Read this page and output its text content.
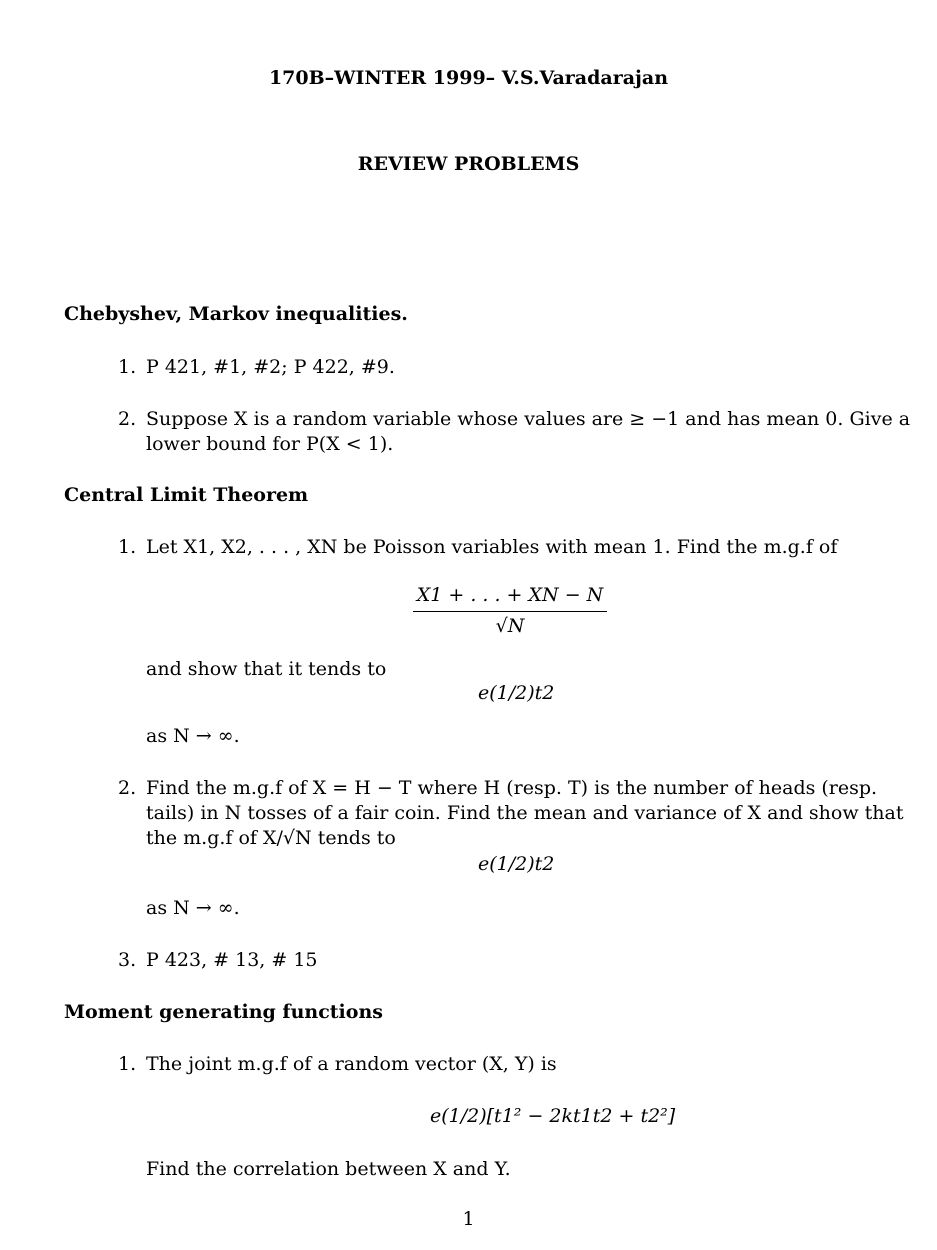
170B–WINTER 1999– V.S.Varadarajan
REVIEW PROBLEMS
Chebyshev, Markov inequalities.
1. P 421, #1, #2; P 422, #9.
2. Suppose X is a random variable whose values are ≥ −1 and has mean 0. Give a
lower bound for P(X < 1).
Central Limit Theorem
1. Let X1, X2, . . . , XN be Poisson variables with mean 1. Find the m.g.f of
$\frac{X1 + . . . + XN - N}{√N}$
and show that it tends to
e(1/2)t2
as N → ∞.
2. Find the m.g.f of X = H − T where H (resp. T) is the number of heads (resp.
tails) in N tosses of a fair coin. Find the mean and variance of X and show that
the m.g.f of X/√N tends to
e(1/2)t2
as N → ∞.
3. P 423, # 13, # 15
Moment generating functions
1. The joint m.g.f of a random vector (X, Y) is
e(1/2)[t1² − 2kt1t2 + t2²]
Find the correlation between X and Y.
1
